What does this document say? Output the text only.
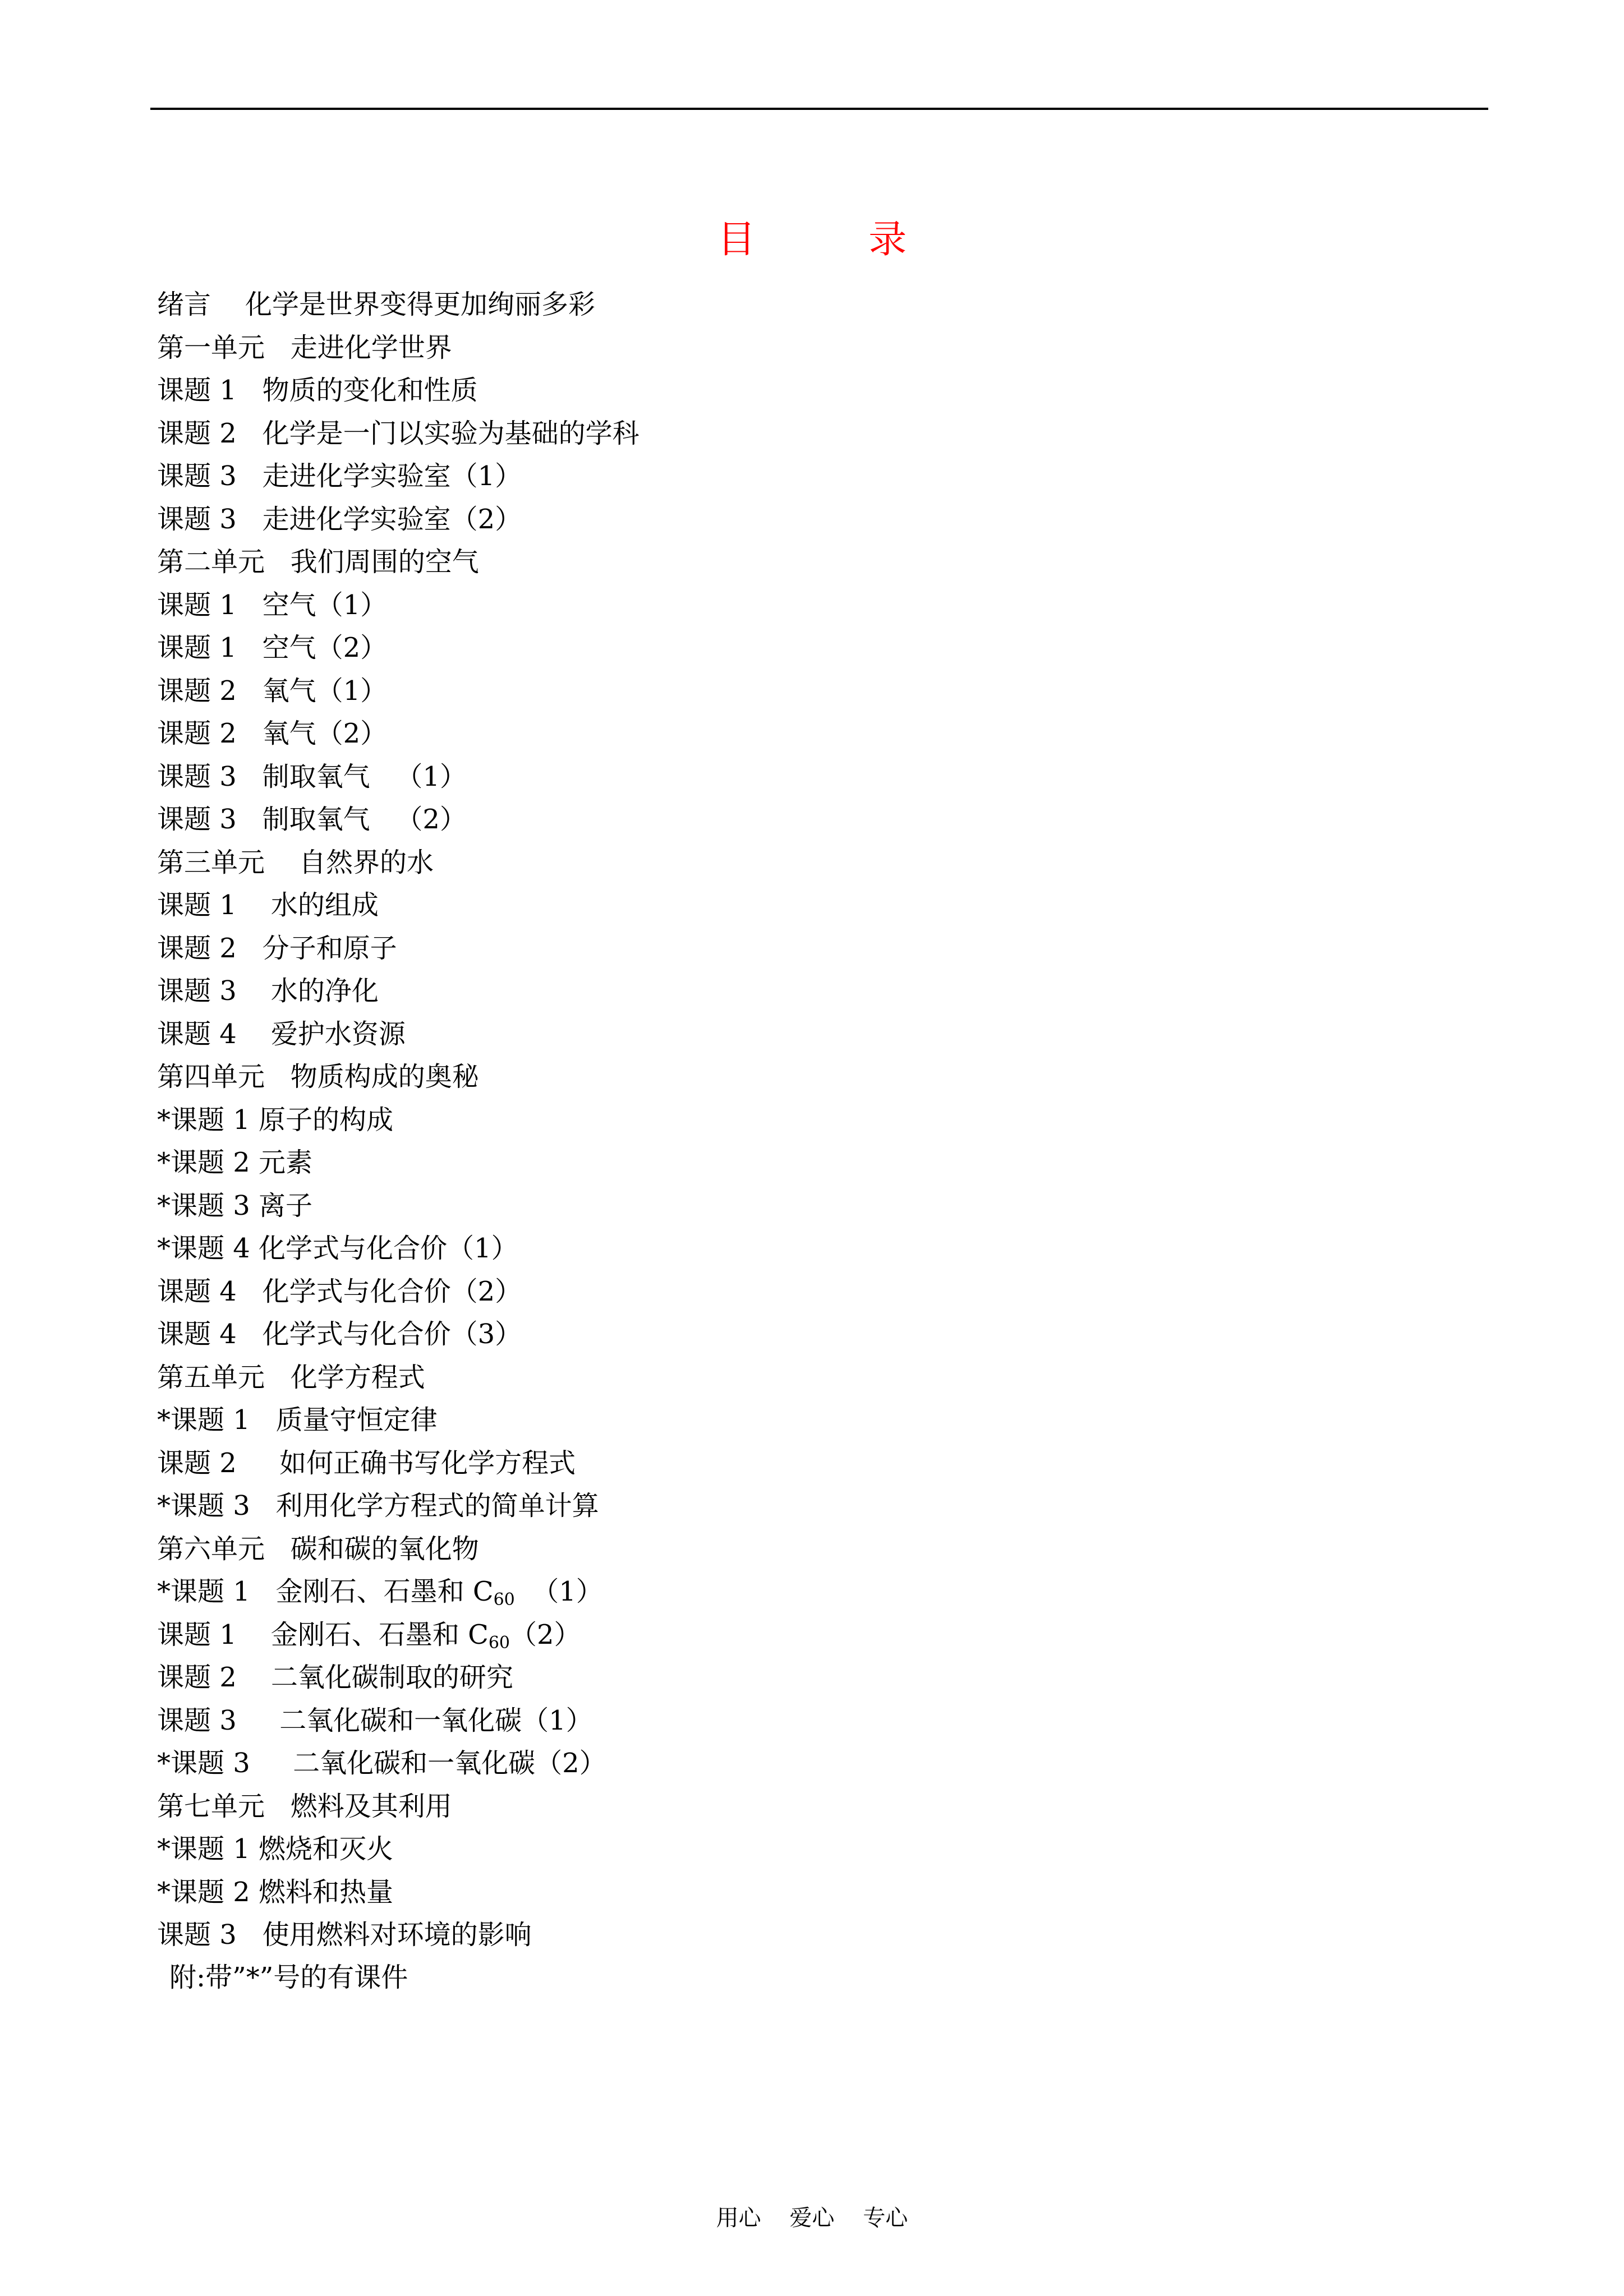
目 录
绪言    化学是世界变得更加绚丽多彩
第一单元   走进化学世界
课题 1   物质的变化和性质
课题 2   化学是一门以实验为基础的学科
课题 3   走进化学实验室（1）
课题 3   走进化学实验室（2）
第二单元   我们周围的空气
课题 1   空气（1）
课题 1   空气（2）
课题 2   氧气（1）
课题 2   氧气（2）
课题 3   制取氧气   （1）
课题 3   制取氧气   （2）
第三单元    自然界的水
课题 1    水的组成
课题 2   分子和原子
课题 3    水的净化
课题 4    爱护水资源
第四单元   物质构成的奥秘
*课题 1 原子的构成
*课题 2 元素
*课题 3 离子
*课题 4 化学式与化合价（1）
课题 4   化学式与化合价（2）
课题 4   化学式与化合价（3）
第五单元   化学方程式
*课题 1   质量守恒定律
课题 2     如何正确书写化学方程式
*课题 3   利用化学方程式的简单计算
第六单元   碳和碳的氧化物
*课题 1   金刚石、石墨和 $C_{60}$  （1）
课题 1    金刚石、石墨和 $C_{60}(2)$
课题 2    二氧化碳制取的研究
课题 3     二氧化碳和一氧化碳（1）
*课题 3     二氧化碳和一氧化碳（2）
第七单元   燃料及其利用
*课题 1 燃烧和灭火
*课题 2 燃料和热量
课题 3   使用燃料对环境的影响
附:带”*”号的有课件
用心    爱心    专心
